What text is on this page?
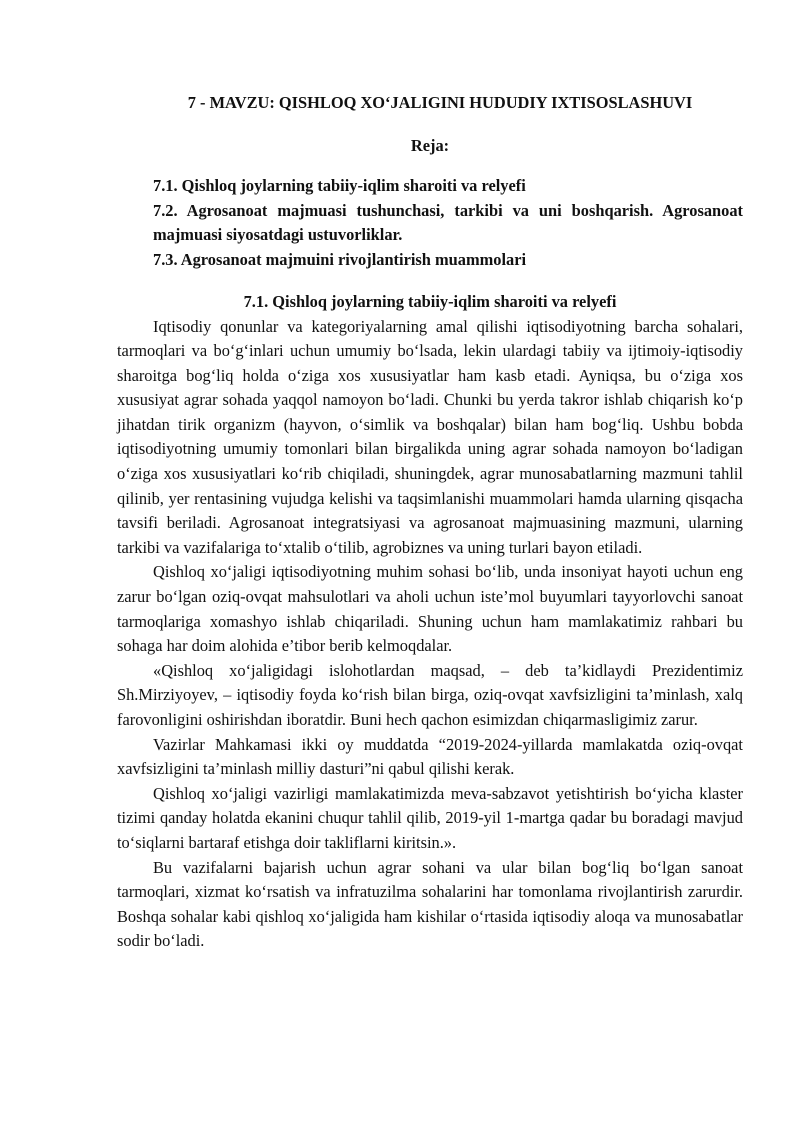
7 - MAVZU: QISHLOQ XO‘JALIGINI HUDUDIY IXTISOSLASHUVI
Reja:
7.1. Qishloq joylarning tabiiy-iqlim sharoiti va relyefi
7.2. Agrosanoat majmuasi tushunchasi, tarkibi va uni boshqarish. Agrosanoat majmuasi siyosatdagi ustuvorliklar.
7.3. Agrosanoat majmuini rivojlantirish muammolari
7.1. Qishloq joylarning tabiiy-iqlim sharoiti va relyefi

Iqtisodiy qonunlar va kategoriyalarning amal qilishi iqtisodiyotning barcha sohalari, tarmoqlari va bo‘g‘inlari uchun umumiy bo‘lsada, lekin ulardagi tabiiy va ijtimoiy-iqtisodiy sharoitga bog‘liq holda o‘ziga xos xususiyatlar ham kasb etadi. Ayniqsa, bu o‘ziga xos xususiyat agrar sohada yaqqol namoyon bo‘ladi. Chunki bu yerda takror ishlab chiqarish ko‘p jihatdan tirik organizm (hayvon, o‘simlik va boshqalar) bilan ham bog‘liq. Ushbu bobda iqtisodiyotning umumiy tomonlari bilan birgalikda uning agrar sohada namoyon bo‘ladigan o‘ziga xos xususiyatlari ko‘rib chiqiladi, shuningdek, agrar munosabatlarning mazmuni tahlil qilinib, yer rentasining vujudga kelishi va taqsimlanishi muammolari hamda ularning qisqacha tavsifi beriladi. Agrosanoat integratsiyasi va agrosanoat majmuasining mazmuni, ularning tarkibi va vazifalariga to‘xtalib o‘tilib, agrobiznes va uning turlari bayon etiladi.

Qishloq xo‘jaligi iqtisodiyotning muhim sohasi bo‘lib, unda insoniyat hayoti uchun eng zarur bo‘lgan oziq-ovqat mahsulotlari va aholi uchun iste’mol buyumlari tayyorlovchi sanoat tarmoqlariga xomashyo ishlab chiqariladi. Shuning uchun ham mamlakatimiz rahbari bu sohaga har doim alohida e’tibor berib kelmoqdalar.

«Qishloq xo‘jaligidagi islohotlardan maqsad, – deb ta’kidlaydi Prezidentimiz Sh.Mirziyoyev, – iqtisodiy foyda ko‘rish bilan birga, oziq-ovqat xavfsizligini ta’minlash, xalq farovonligini oshirishdan iboratdir. Buni hech qachon esimizdan chiqarmasligimiz zarur.

Vazirlar Mahkamasi ikki oy muddatda “2019-2024-yillarda mamlakatda oziq-ovqat xavfsizligini ta’minlash milliy dasturi”ni qabul qilishi kerak.

Qishloq xo‘jaligi vazirligi mamlakatimizda meva-sabzavot yetishtirish bo‘yicha klaster tizimi qanday holatda ekanini chuqur tahlil qilib, 2019-yil 1-martga qadar bu boradagi mavjud to‘siqlarni bartaraf etishga doir takliflarni kiritsin.».

Bu vazifalarni bajarish uchun agrar sohani va ular bilan bog‘liq bo‘lgan sanoat tarmoqlari, xizmat ko‘rsatish va infratuzilma sohalarini har tomonlama rivojlantirish zarurdir. Boshqa sohalar kabi qishloq xo‘jaligida ham kishilar o‘rtasida iqtisodiy aloqa va munosabatlar sodir bo‘ladi.
